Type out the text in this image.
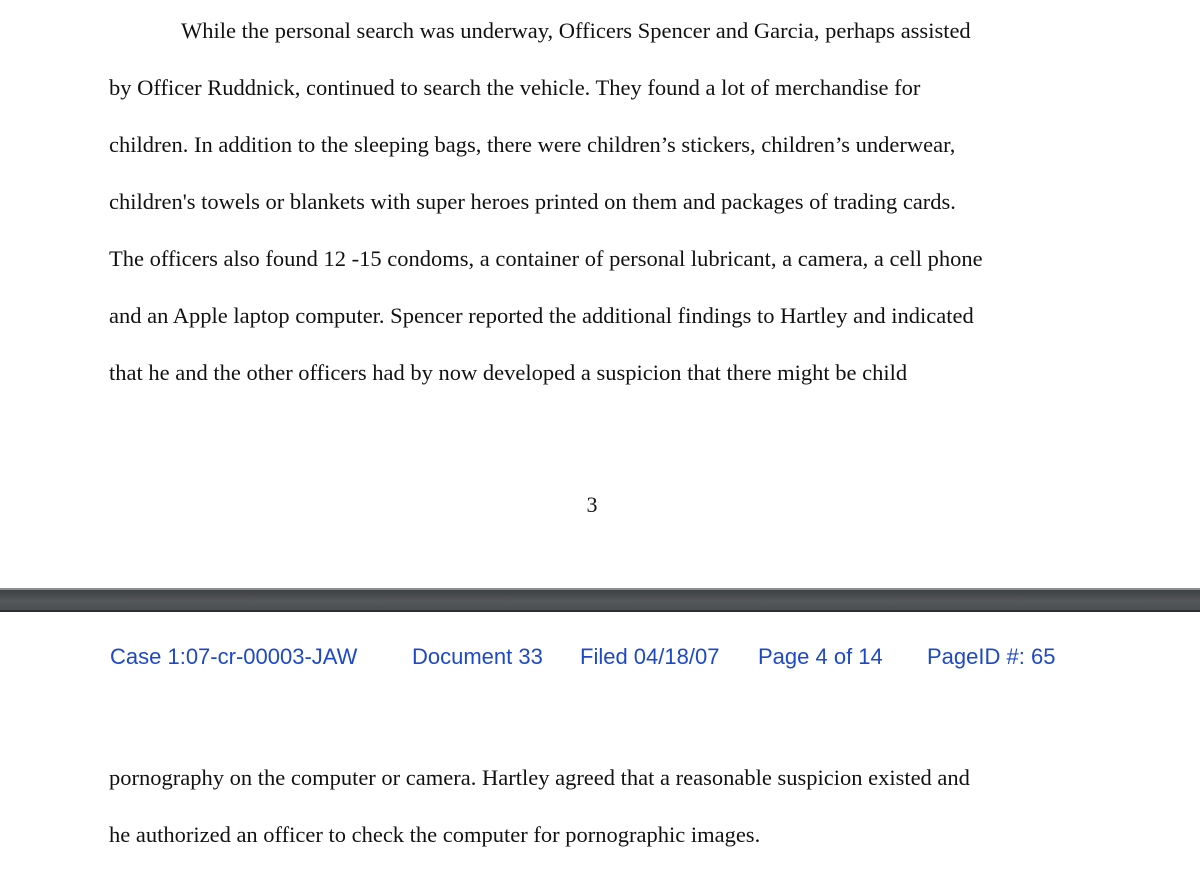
While the personal search was underway, Officers Spencer and Garcia, perhaps assisted
by Officer Ruddnick, continued to search the vehicle. They found a lot of merchandise for
children. In addition to the sleeping bags, there were children’s stickers, children’s underwear,
children's towels or blankets with super heroes printed on them and packages of trading cards.
The officers also found 12 -15 condoms, a container of personal lubricant, a camera, a cell phone
and an Apple laptop computer. Spencer reported the additional findings to Hartley and indicated
that he and the other officers had by now developed a suspicion that there might be child
3
Case 1:07-cr-00003-JAW Document 33 Filed 04/18/07 Page 4 of 14 PageID #: 65
pornography on the computer or camera. Hartley agreed that a reasonable suspicion existed and
he authorized an officer to check the computer for pornographic images.
